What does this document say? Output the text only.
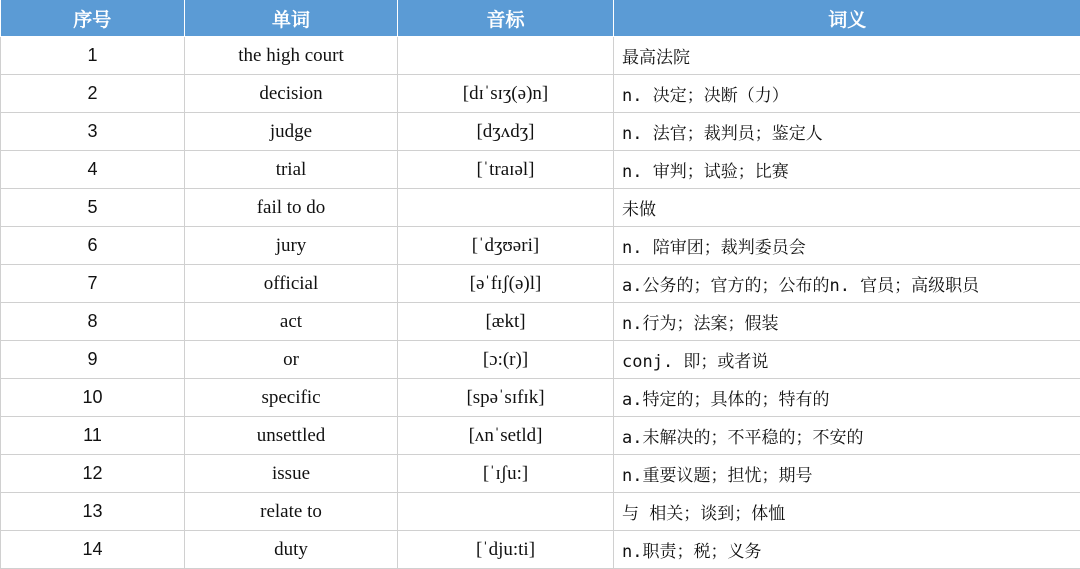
序号	单词	音标	词义
1	the high court		最高法院
2	decision	[dɪˈsɪʒ(ə)n]	n. 决定；决断（力）
3	judge	[dʒʌdʒ]	n. 法官；裁判员；鉴定人
4	trial	[ˈtraɪəl]	n. 审判；试验；比赛
5	fail to do		未做
6	jury	[ˈdʒʊəri]	n. 陪审团；裁判委员会
7	official	[əˈfɪʃ(ə)l]	a.公务的；官方的；公布的n. 官员；高级职员
8	act	[ækt]	n.行为；法案；假装
9	or	[ɔ:(r)]	conj. 即；或者说
10	specific	[spəˈsɪfɪk]	a.特定的；具体的；特有的
11	unsettled	[ʌnˈsetld]	a.未解决的；不平稳的；不安的
12	issue	[ˈɪʃu:]	n.重要议题；担忧；期号
13	relate to		与 相关；谈到；体恤
14	duty	[ˈdju:ti]	n.职责；税；义务
